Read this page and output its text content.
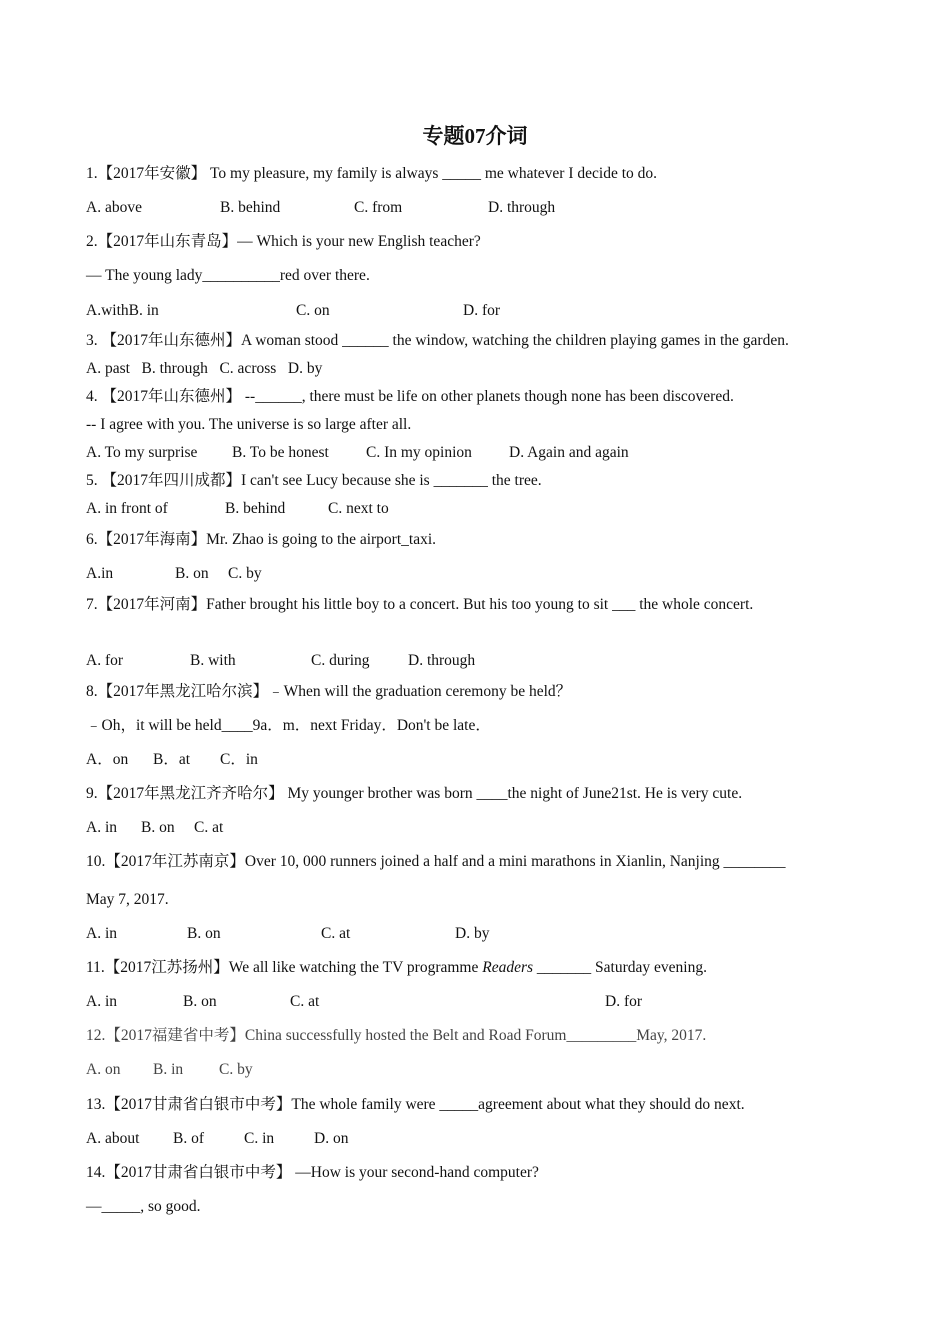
专题07介词

1.【2017年安徽】 To my pleasure, my family is always _____ me whatever I decide to do.

A. above	B. behind	C. from	D. through

2.【2017年山东青岛】— Which is your new English teacher?

— The young lady__________red over there.

A.withB. in	C. on	D. for

3. 【2017年山东德州】A woman stood ______ the window, watching the children playing games in the garden.

A. past   B. through   C. across   D. by

4. 【2017年山东德州】 --______, there must be life on other planets though none has been discovered.

-- I agree with you. The universe is so large after all.

A. To my surprise B. To be honest C. In my opinion D. Again and again

5. 【2017年四川成都】I can't see Lucy because she is _______ the tree.

A. in front of	B. behind	C. next to

6.【2017年海南】Mr. Zhao is going to the airport_taxi.

A.in	B. on C. by

7.【2017年河南】Father brought his little boy to a concert. But his too young to sit ___ the whole concert.

A. for	B. with	C. during D. through

8.【2017年黑龙江哈尔滨】﹣When will the graduation ceremony be held？

﹣Oh，it will be held____9a．m．next Friday．Don't be late．

A．on B．at C．in

9.【2017年黑龙江齐齐哈尔】 My younger brother was born ____the night of June21st. He is very cute.

A. in B. on C. at

10.【2017年江苏南京】Over 10, 000 runners joined a half and a mini marathons in Xianlin, Nanjing ________

May 7, 2017.

A. in	B. on	C. at	D. by

11.【2017江苏扬州】We all like watching the TV programme Readers _______ Saturday evening.

A. in	B. on	C. at	D. for

12.【2017福建省中考】China successfully hosted the Belt and Road Forum_________May, 2017.

A. on B. in C. by

13.【2017甘肃省白银市中考】The whole family were _____agreement about what they should do next.

A. about B. of	C. in	D. on

14.【2017甘肃省白银市中考】 —How is your second-hand computer?

—_____, so good.
